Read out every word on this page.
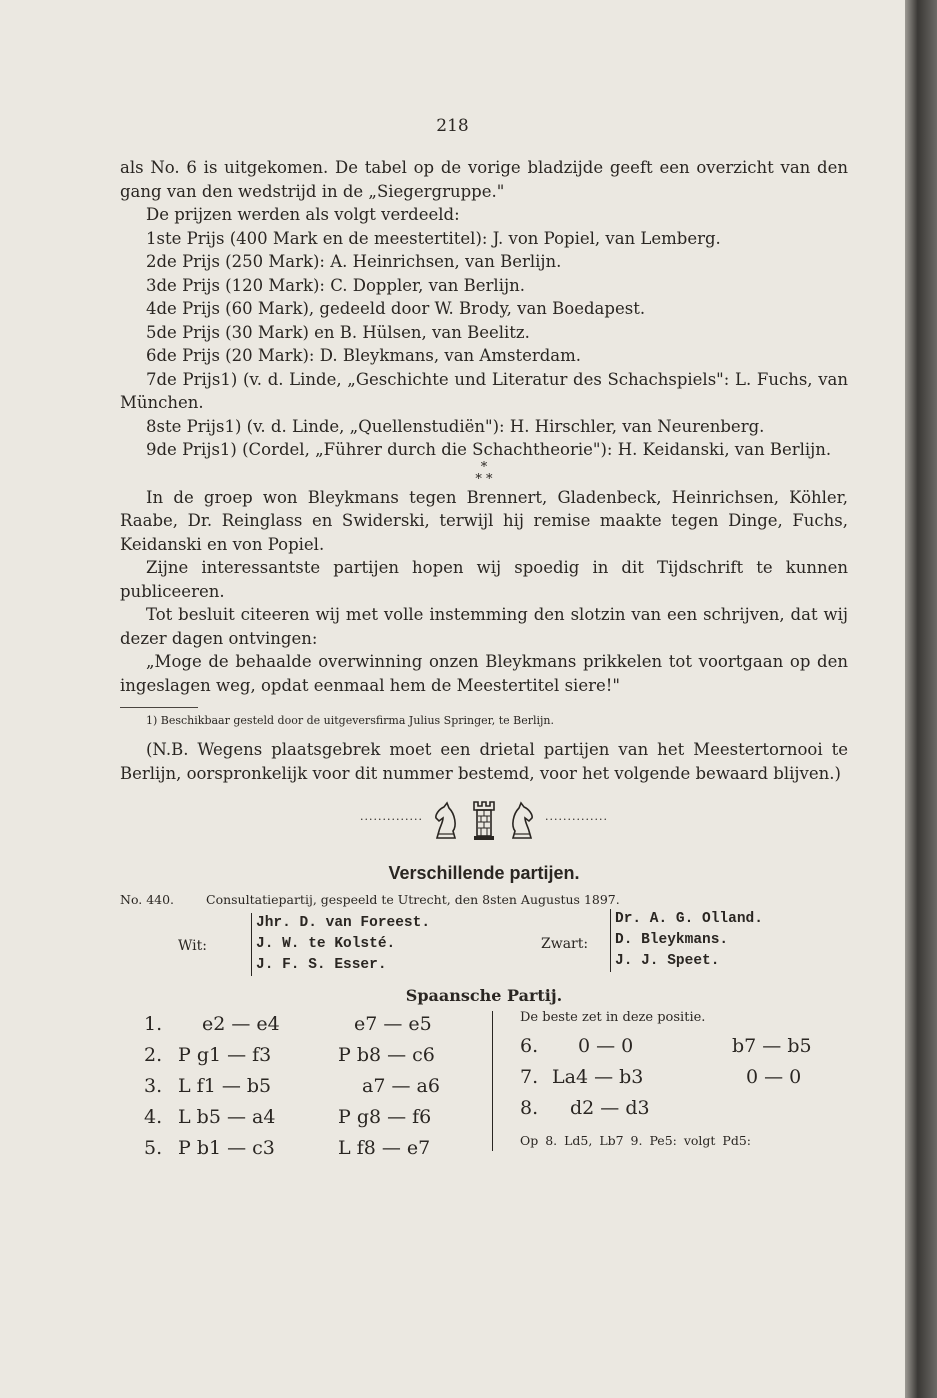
218

als No. 6 is uitgekomen. De tabel op de vorige bladzijde geeft een overzicht van den gang van den wedstrijd in de „Siegergruppe."

De prijzen werden als volgt verdeeld:

1ste Prijs (400 Mark en de meestertitel): J. von Popiel, van Lemberg.

2de Prijs (250 Mark): A. Heinrichsen, van Berlijn.

3de Prijs (120 Mark): C. Doppler, van Berlijn.

4de Prijs (60 Mark), gedeeld door W. Brody, van Boedapest.

5de Prijs (30 Mark) en B. Hülsen, van Beelitz.

6de Prijs (20 Mark): D. Bleykmans, van Amsterdam.

7de Prijs1) (v. d. Linde, „Geschichte und Literatur des Schachspiels": L. Fuchs, van München.

8ste Prijs1) (v. d. Linde, „Quellenstudiën"): H. Hirschler, van Neurenberg.

9de Prijs1) (Cordel, „Führer durch die Schachtheorie"): H. Keidanski, van Berlijn.

*
* *

In de groep won Bleykmans tegen Brennert, Gladenbeck, Heinrichsen, Köhler, Raabe, Dr. Reinglass en Swiderski, terwijl hij remise maakte tegen Dinge, Fuchs, Keidanski en von Popiel.

Zijne interessantste partijen hopen wij spoedig in dit Tijdschrift te kunnen publiceeren.

Tot besluit citeeren wij met volle instemming den slotzin van een schrijven, dat wij dezer dagen ontvingen:

„Moge de behaalde overwinning onzen Bleykmans prikkelen tot voortgaan op den ingeslagen weg, opdat eenmaal hem de Meestertitel siere!"

1) Beschikbaar gesteld door de uitgeversfirma Julius Springer, te Berlijn.

(N.B. Wegens plaatsgebrek moet een drietal partijen van het Meestertornooi te Berlijn, oorspronkelijk voor dit nummer bestemd, voor het volgende bewaard blijven.)

··············	··············
Verschillende partijen.
No. 440.	Consultatiepartij, gespeeld te Utrecht, den 8sten Augustus 1897.
Wit:
Jhr. D. van Foreest.
J. W. te Kolsté.
J. F. S. Esser.
Zwart:
Dr. A. G. Olland.
D. Bleykmans.
J. J. Speet.
Spaansche Partij.
1. e2 — e4	e7 — e5
2. P g1 — f3	P b8 — c6
3. L f1 — b5	a7 — a6
4. L b5 — a4	P g8 — f6
5. P b1 — c3	L f8 — e7
De beste zet in deze positie.
6. 0 — 0	b7 — b5
7. La4 — b3	0 — 0
8. d2 — d3
Op 8. Ld5, Lb7 9. Pe5: volgt Pd5:
